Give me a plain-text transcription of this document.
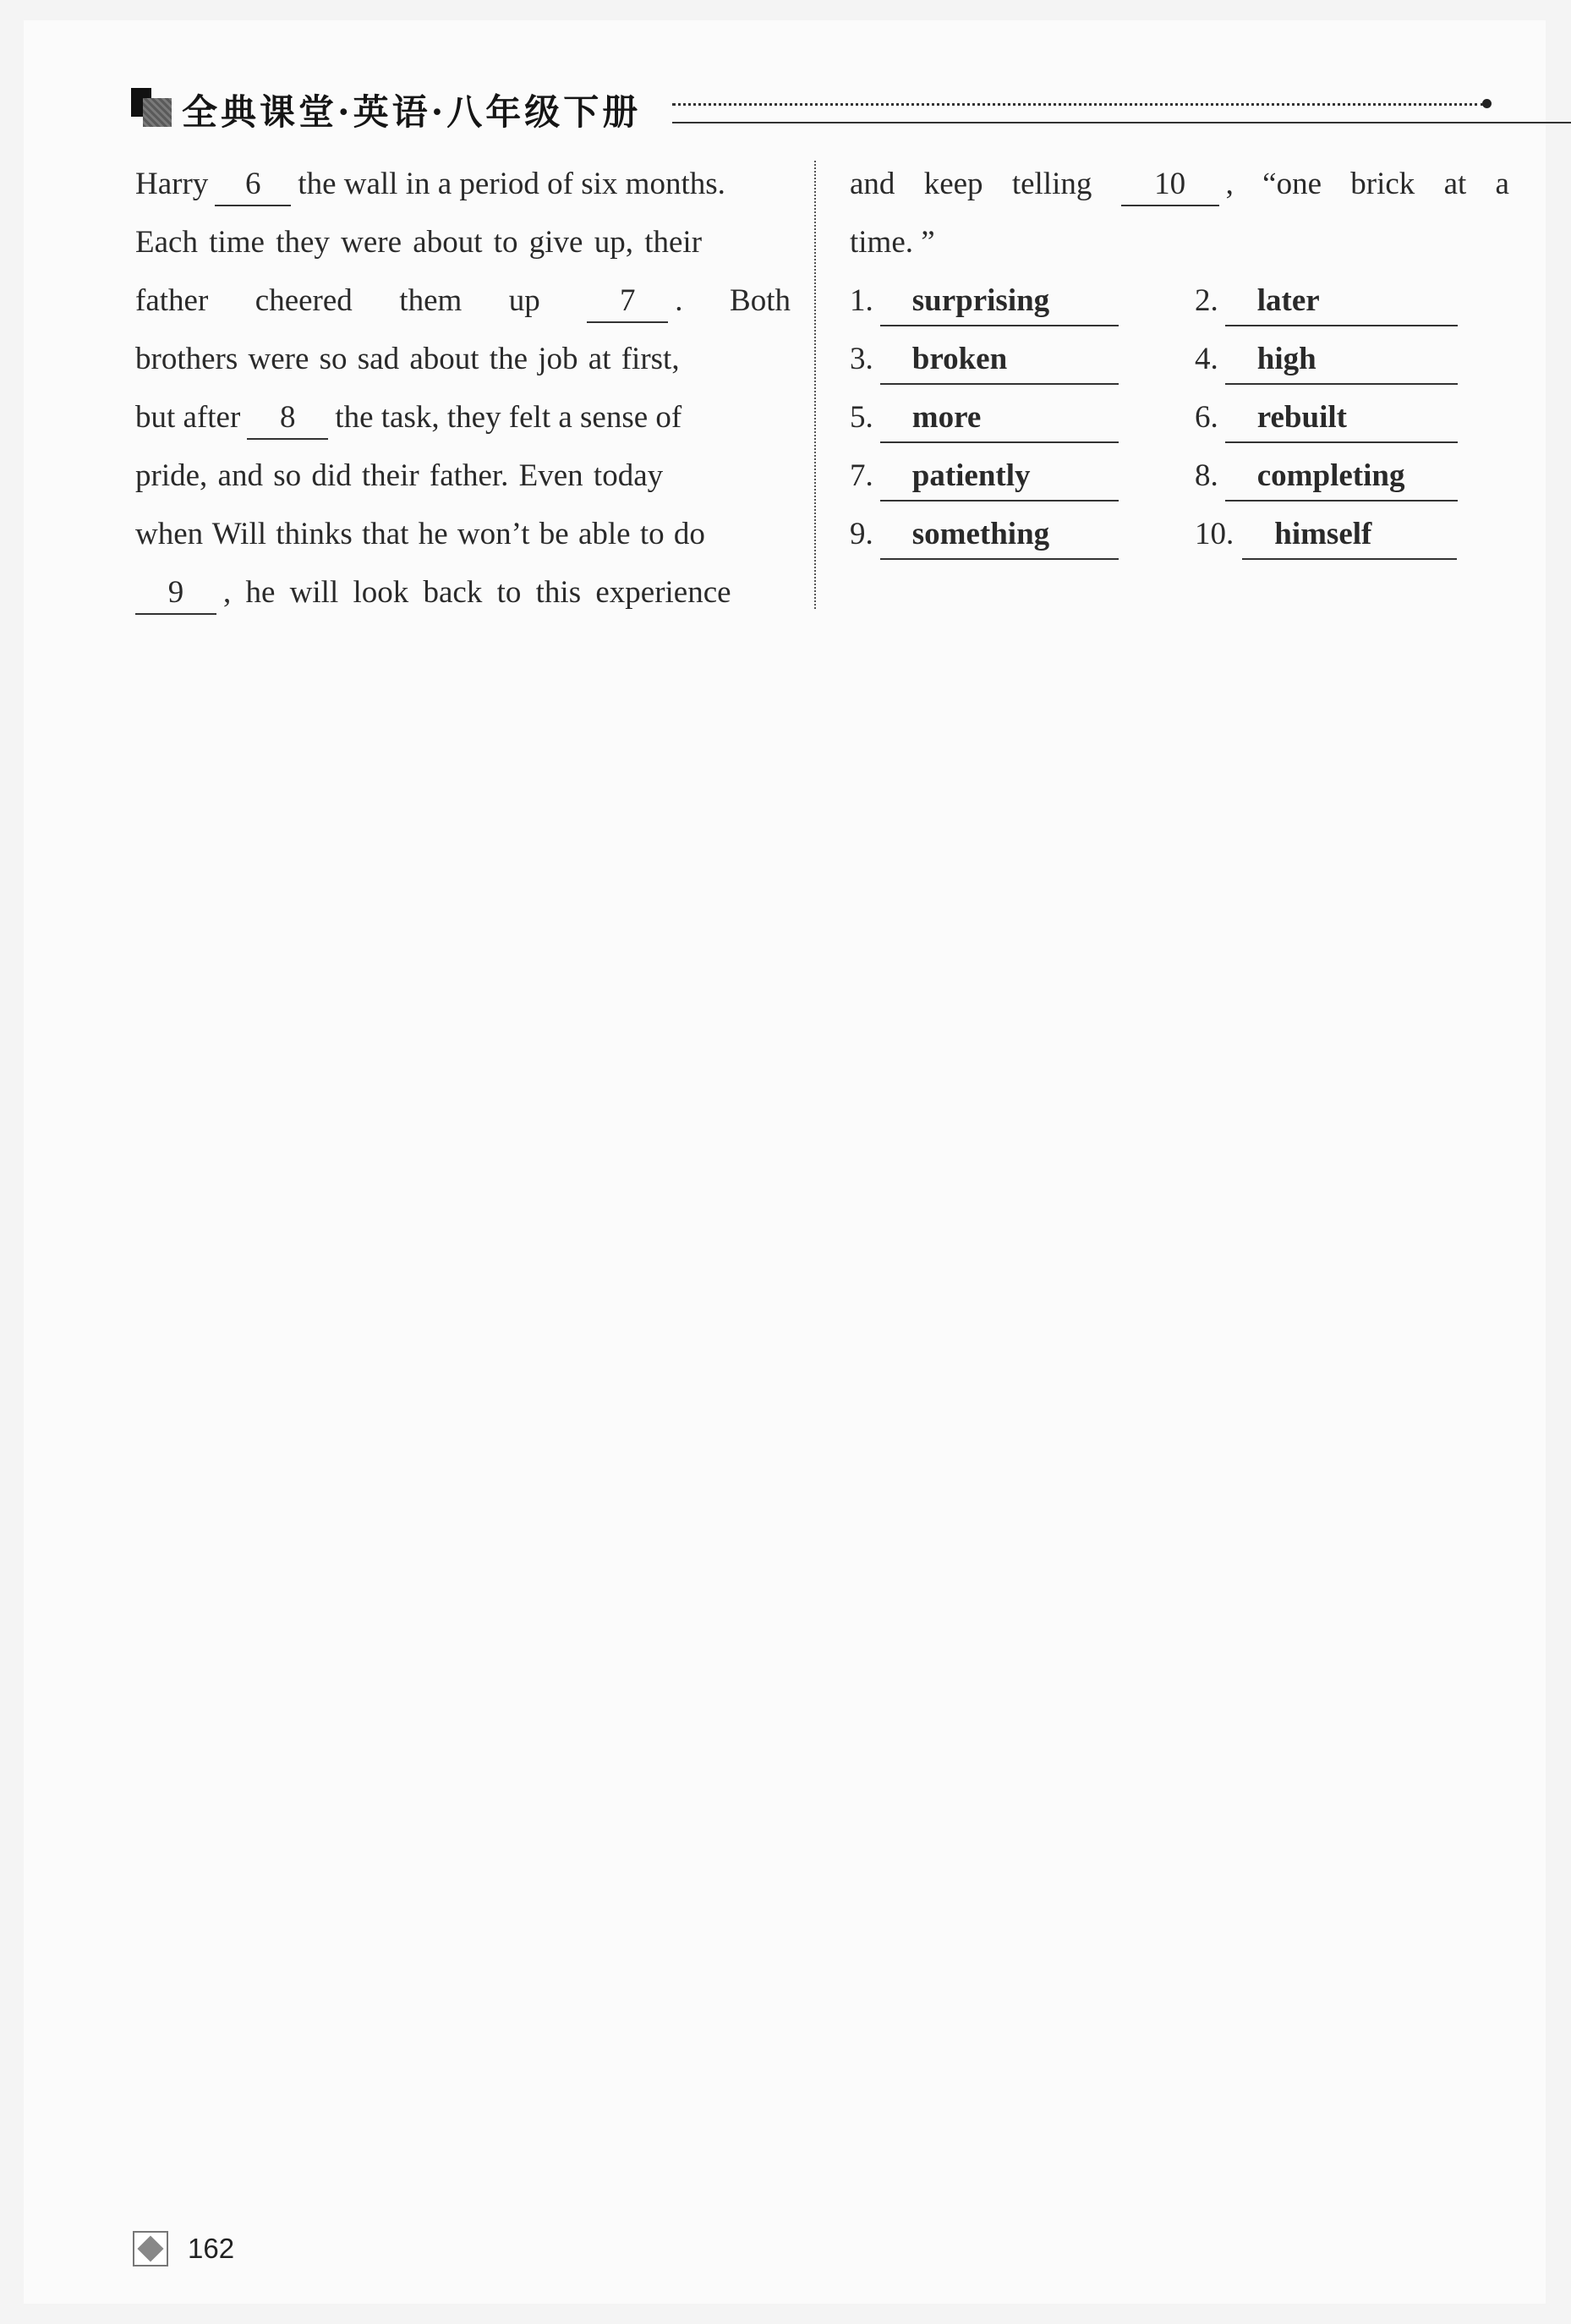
全典课堂·英语·八年级下册
Harry	6	the wall in a period of six months.
Each time they were about to give up, their
father cheered them up	7	. Both
brothers were so sad about the job at first,
but after	8	the task, they felt a sense of
pride, and so did their father. Even today
when Will thinks that he won’t be able to do
9	, he will look back to this experience
and keep telling	10	, “one brick at a
time. ”
1.	surprising	2.	later
3.	broken	4.	high
5.	more	6.	rebuilt
7.	patiently	8.	completing
9.	something	10.	himself
162
